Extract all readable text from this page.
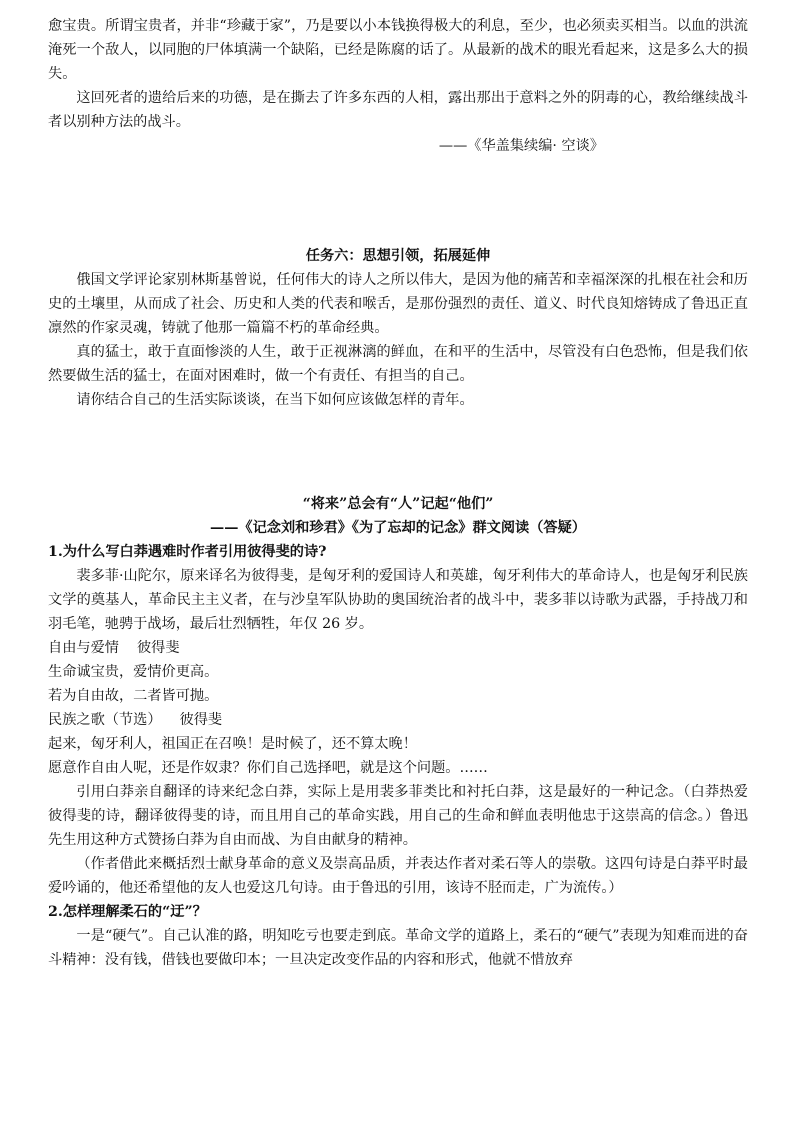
愈宝贵。所谓宝贵者，并非“珍藏于家”，乃是要以小本钱换得极大的利息，至少，也必须卖买相当。以血的洪流淹死一个敌人，以同胞的尸体填满一个缺陷，已经是陈腐的话了。从最新的战术的眼光看起来，这是多么大的损失。

这回死者的遗给后来的功德，是在撕去了许多东西的人相，露出那出于意料之外的阴毒的心，教给继续战斗者以别种方法的战斗。

——《华盖集续编· 空谈》

任务六：思想引领，拓展延伸

俄国文学评论家别林斯基曾说，任何伟大的诗人之所以伟大，是因为他的痛苦和幸福深深的扎根在社会和历史的土壤里，从而成了社会、历史和人类的代表和喉舌，是那份强烈的责任、道义、时代良知熔铸成了鲁迅正直凛然的作家灵魂，铸就了他那一篇篇不朽的革命经典。

真的猛士，敢于直面惨淡的人生，敢于正视淋漓的鲜血，在和平的生活中，尽管没有白色恐怖，但是我们依然要做生活的猛士，在面对困难时，做一个有责任、有担当的自己。

请你结合自己的生活实际谈谈，在当下如何应该做怎样的青年。

“将来”总会有“人”记起“他们”

——《记念刘和珍君》《为了忘却的记念》群文阅读（答疑）

1.为什么写白莽遇难时作者引用彼得斐的诗?

裴多菲·山陀尔，原来译名为彼得斐，是匈牙利的爱国诗人和英雄，匈牙利伟大的革命诗人，也是匈牙利民族文学的奠基人，革命民主主义者，在与沙皇军队协助的奥国统治者的战斗中，裴多菲以诗歌为武器，手持战刀和羽毛笔，驰骋于战场，最后壮烈牺牲，年仅 26 岁。

自由与爱情    彼得斐

生命诚宝贵，爱情价更高。

若为自由故，二者皆可抛。

民族之歌（节选）    彼得斐

起来，匈牙利人，祖国正在召唤！是时候了，还不算太晚！

愿意作自由人呢，还是作奴隶？你们自己选择吧，就是这个问题。……

引用白莽亲自翻译的诗来纪念白莽，实际上是用裴多菲类比和衬托白莽，这是最好的一种记念。（白莽热爱彼得斐的诗，翻译彼得斐的诗，而且用自己的革命实践，用自己的生命和鲜血表明他忠于这崇高的信念。）鲁迅先生用这种方式赞扬白莽为自由而战、为自由献身的精神。

（作者借此来概括烈士献身革命的意义及崇高品质，并表达作者对柔石等人的崇敬。这四句诗是白莽平时最爱吟诵的，他还希望他的友人也爱这几句诗。由于鲁迅的引用，该诗不胫而走，广为流传。）

2.怎样理解柔石的“迂”？

一是“硬气”。自己认准的路，明知吃亏也要走到底。革命文学的道路上，柔石的“硬气”表现为知难而进的奋斗精神：没有钱，借钱也要做印本；一旦决定改变作品的内容和形式，他就不惜放弃
